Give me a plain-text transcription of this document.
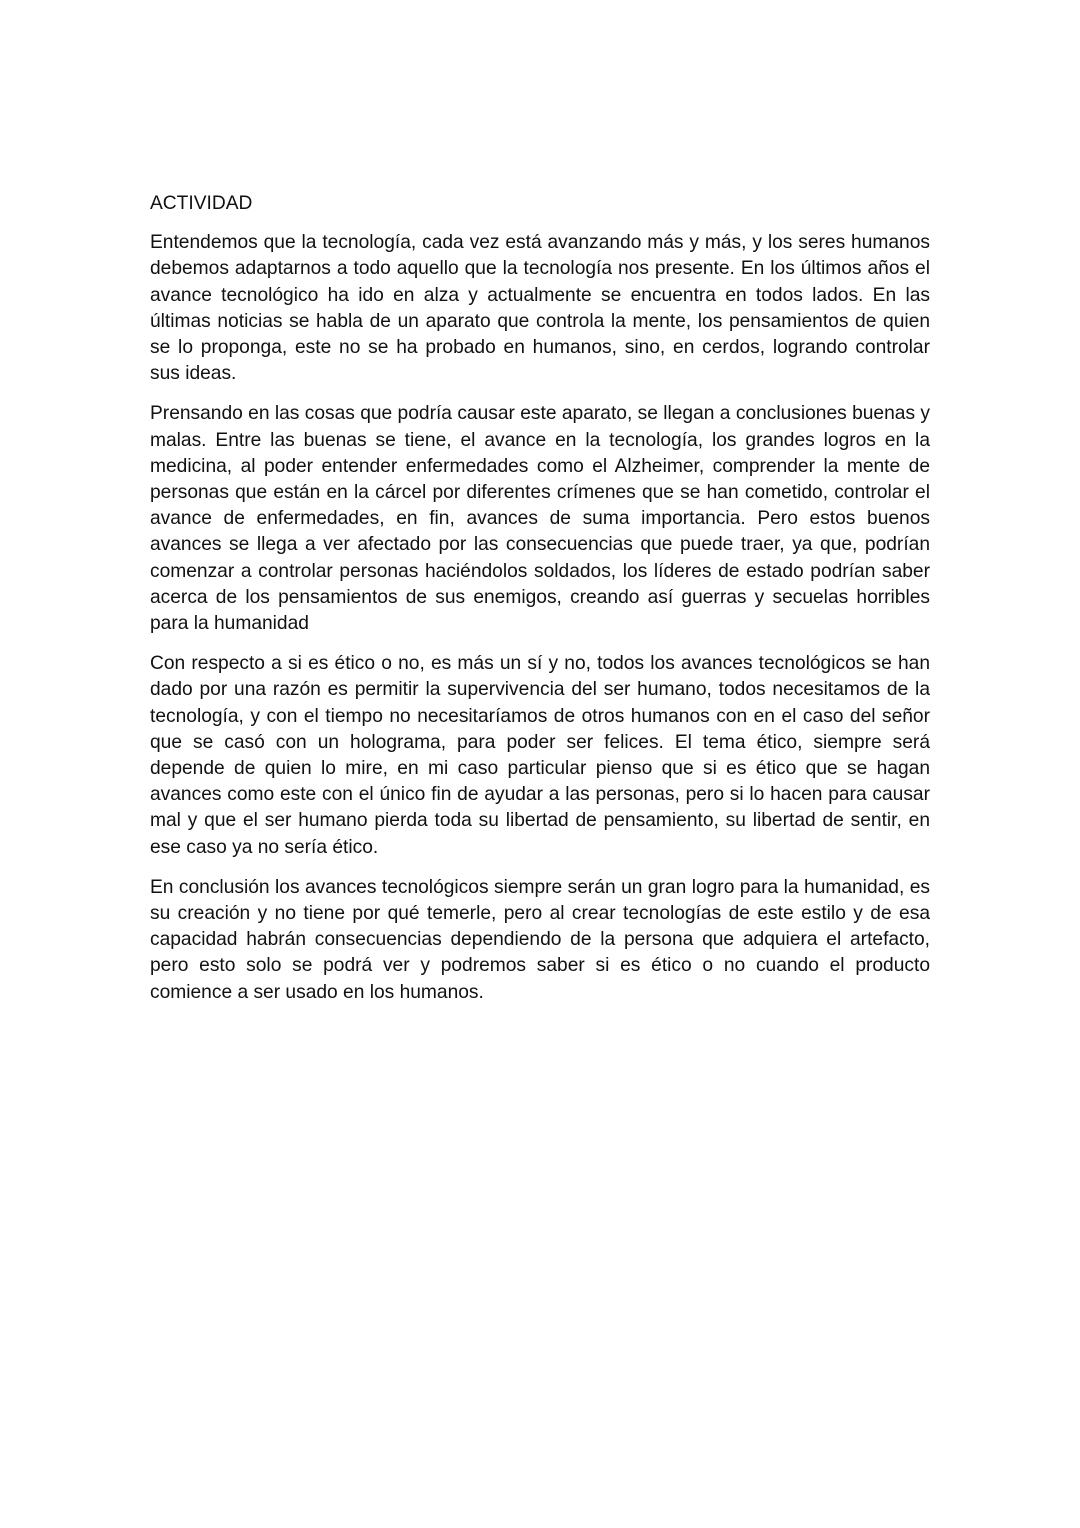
ACTIVIDAD

Entendemos que la tecnología, cada vez está avanzando más y más, y los seres humanos debemos adaptarnos a todo aquello que la tecnología nos presente. En los últimos años el avance tecnológico ha ido en alza y actualmente se encuentra en todos lados. En las últimas noticias se habla de un aparato que controla la mente, los pensamientos de quien se lo proponga, este no se ha probado en humanos, sino, en cerdos, logrando controlar sus ideas.

Prensando en las cosas que podría causar este aparato, se llegan a conclusiones buenas y malas. Entre las buenas se tiene, el avance en la tecnología, los grandes logros en la medicina, al poder entender enfermedades como el Alzheimer, comprender la mente de personas que están en la cárcel por diferentes crímenes que se han cometido, controlar el avance de enfermedades, en fin, avances de suma importancia. Pero estos buenos avances se llega a ver afectado por las consecuencias que puede traer, ya que, podrían comenzar a controlar personas haciéndolos soldados, los líderes de estado podrían saber acerca de los pensamientos de sus enemigos, creando así guerras y secuelas horribles para la humanidad

Con respecto a si es ético o no, es más un sí y no, todos los avances tecnológicos se han dado por una razón es permitir la supervivencia del ser humano, todos necesitamos de la tecnología, y con el tiempo no necesitaríamos de otros humanos con en el caso del señor que se casó con un holograma, para poder ser felices. El tema ético, siempre será depende de quien lo mire, en mi caso particular pienso que si es ético que se hagan avances como este con el único fin de ayudar a las personas, pero si lo hacen para causar mal y que el ser humano pierda toda su libertad de pensamiento, su libertad de sentir, en ese caso ya no sería ético.

En conclusión los avances tecnológicos siempre serán un gran logro para la humanidad, es su creación y no tiene por qué temerle, pero al crear tecnologías de este estilo y de esa capacidad habrán consecuencias dependiendo de la persona que adquiera el artefacto, pero esto solo se podrá ver y podremos saber si es ético o no cuando el producto comience a ser usado en los humanos.
